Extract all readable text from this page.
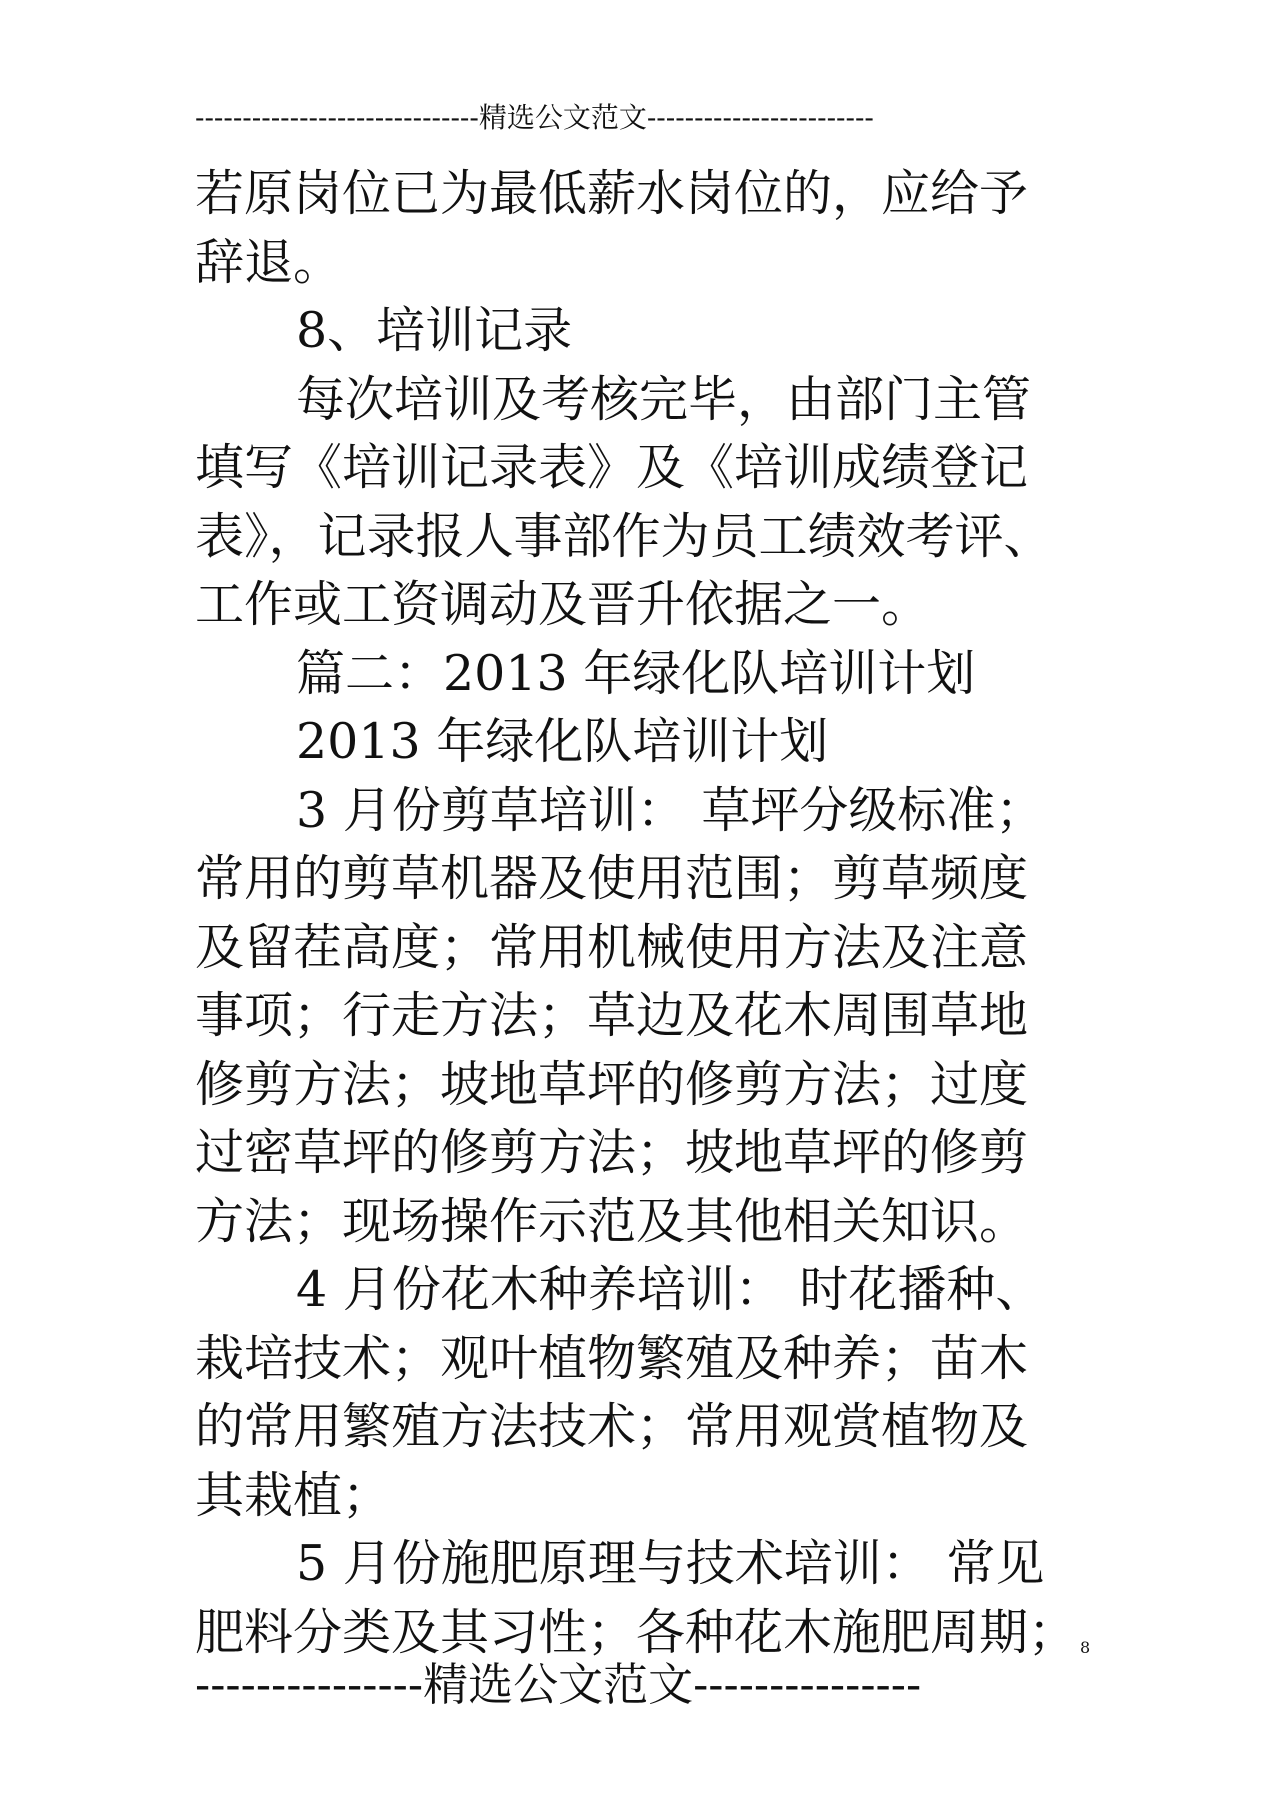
------------------------------精选公文范文------------------------
若原岗位已为最低薪水岗位的，应给予
辞退。
8、培训记录
每次培训及考核完毕，由部门主管
填写《培训记录表》及《培训成绩登记
表》，记录报人事部作为员工绩效考评、
工作或工资调动及晋升依据之一。
篇二：2013 年绿化队培训计划
2013 年绿化队培训计划
3 月份剪草培训： 草坪分级标准；
常用的剪草机器及使用范围；剪草频度
及留茬高度；常用机械使用方法及注意
事项；行走方法；草边及花木周围草地
修剪方法；坡地草坪的修剪方法；过度
过密草坪的修剪方法；坡地草坪的修剪
方法；现场操作示范及其他相关知识。
4 月份花木种养培训： 时花播种、
栽培技术；观叶植物繁殖及种养；苗木
的常用繁殖方法技术；常用观赏植物及
其栽植；
5 月份施肥原理与技术培训： 常见
肥料分类及其习性；各种花木施肥周期； 8
---------------精选公文范文---------------
